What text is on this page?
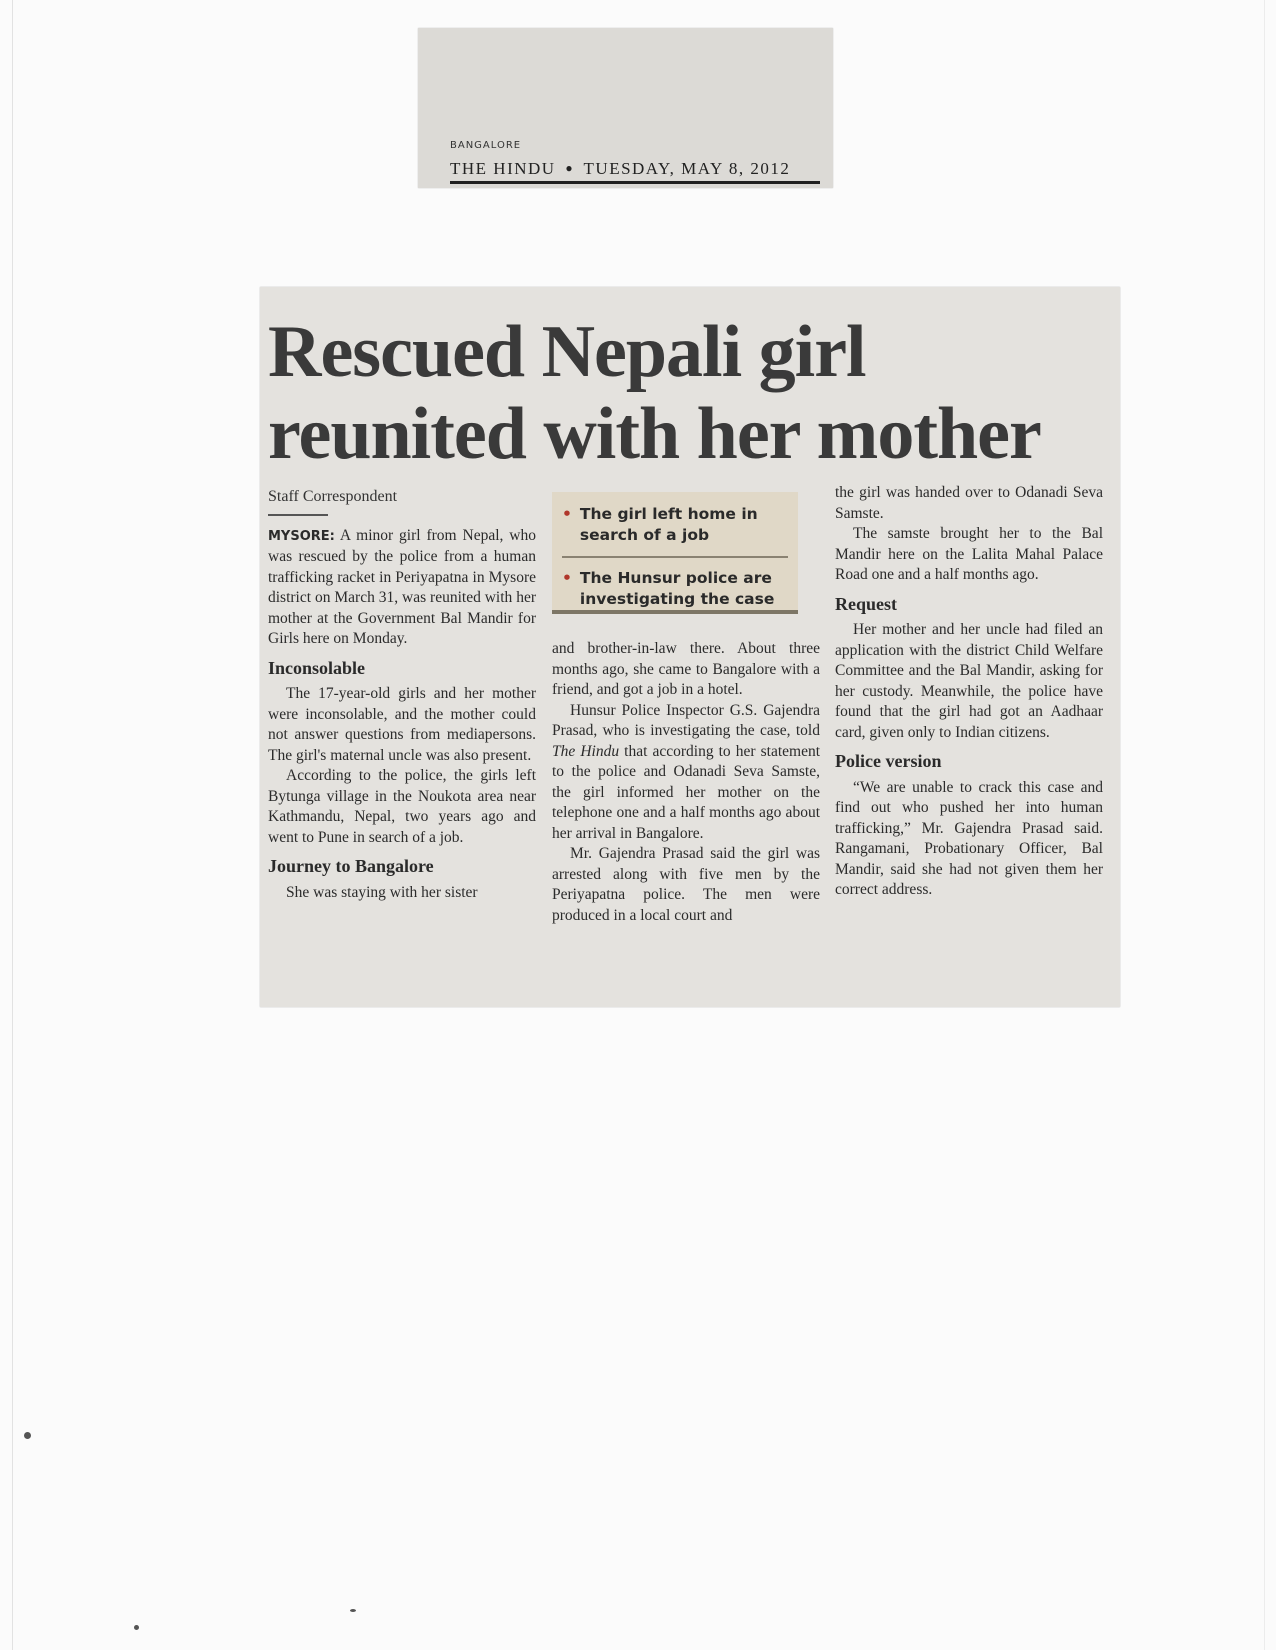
BANGALORE
THE HINDU ● TUESDAY, MAY 8, 2012
Rescued Nepali girl
reunited with her mother
Staff Correspondent

MYSORE: A minor girl from Nepal, who was rescued by the police from a human trafficking racket in Periyapatna in Mysore district on March 31, was reunited with her mother at the Government Bal Mandir for Girls here on Monday.

Inconsolable

The 17-year-old girls and her mother were inconsolable, and the mother could not answer questions from mediapersons. The girl's maternal uncle was also present.

According to the police, the girls left Bytunga village in the Noukota area near Kathmandu, Nepal, two years ago and went to Pune in search of a job.

Journey to Bangalore

She was staying with her sister

• The girl left home in search of a job
• The Hunsur police are investigating the case

and brother-in-law there. About three months ago, she came to Bangalore with a friend, and got a job in a hotel.

Hunsur Police Inspector G.S. Gajendra Prasad, who is investigating the case, told The Hindu that according to her statement to the police and Odanadi Seva Samste, the girl informed her mother on the telephone one and a half months ago about her arrival in Bangalore.

Mr. Gajendra Prasad said the girl was arrested along with five men by the Periyapatna police. The men were produced in a local court and

the girl was handed over to Odanadi Seva Samste.

The samste brought her to the Bal Mandir here on the Lalita Mahal Palace Road one and a half months ago.

Request

Her mother and her uncle had filed an application with the district Child Welfare Committee and the Bal Mandir, asking for her custody. Meanwhile, the police have found that the girl had got an Aadhaar card, given only to Indian citizens.

Police version

“We are unable to crack this case and find out who pushed her into human trafficking,” Mr. Gajendra Prasad said. Rangamani, Probationary Officer, Bal Mandir, said she had not given them her correct address.
